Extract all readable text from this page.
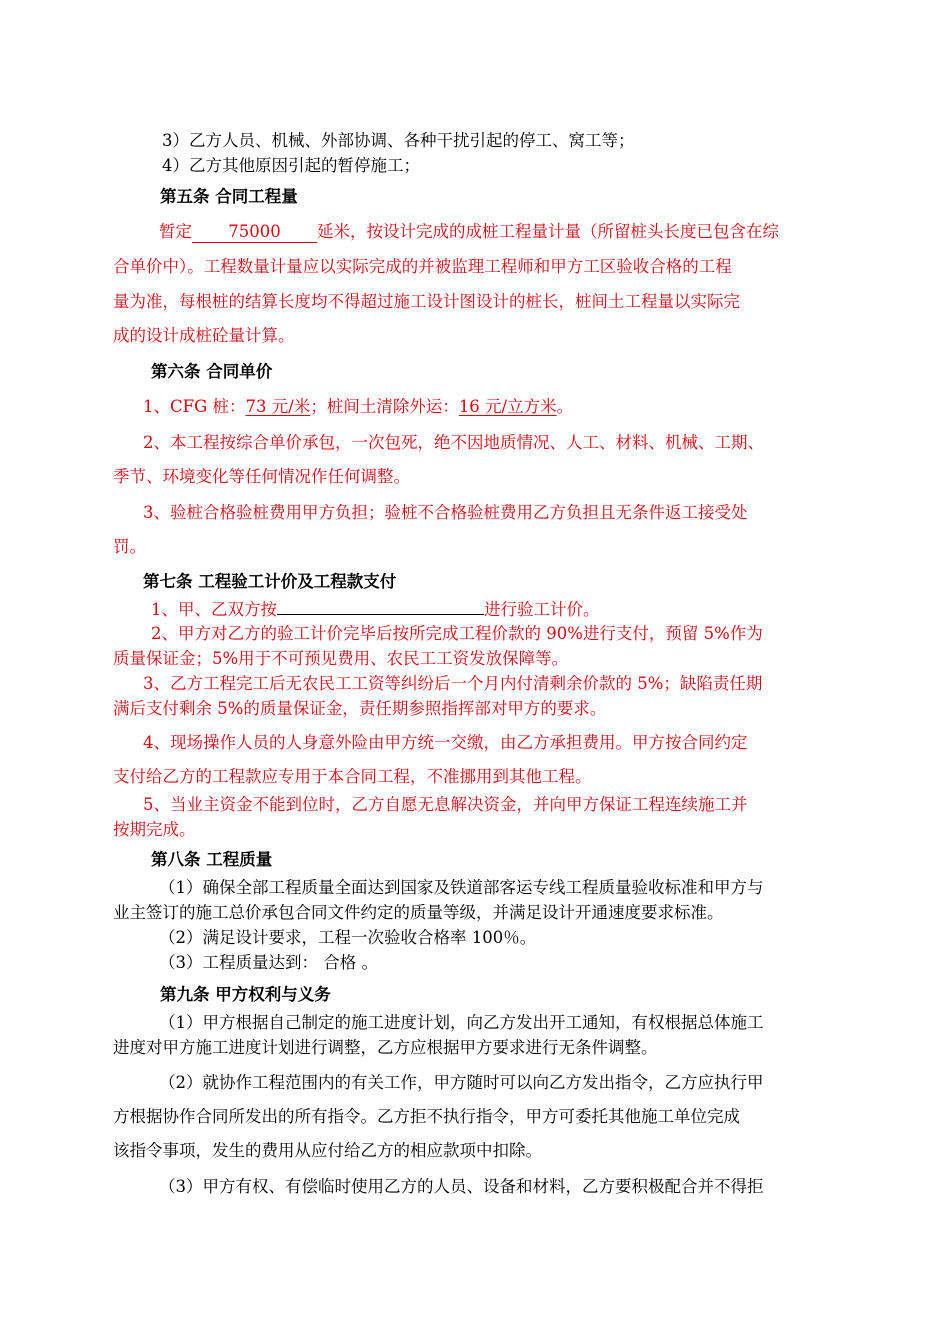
3）乙方人员、机械、外部协调、各种干扰引起的停工、窝工等；
4）乙方其他原因引起的暂停施工；
第五条 合同工程量
暂定 75000 延米，按设计完成的成桩工程量计量（所留桩头长度已包含在综
合单价中）。工程数量计量应以实际完成的并被监理工程师和甲方工区验收合格的工程
量为准，每根桩的结算长度均不得超过施工设计图设计的桩长，桩间土工程量以实际完
成的设计成桩砼量计算。
第六条 合同单价
1、CFG 桩：73 元/米；桩间土清除外运：16 元/立方米。
2、本工程按综合单价承包，一次包死，绝不因地质情况、人工、材料、机械、工期、
季节、环境变化等任何情况作任何调整。
3、验桩合格验桩费用甲方负担；验桩不合格验桩费用乙方负担且无条件返工接受处
罚。
第七条 工程验工计价及工程款支付
1、甲、乙双方按	进行验工计价。
2、甲方对乙方的验工计价完毕后按所完成工程价款的 90%进行支付，预留 5%作为
质量保证金；5%用于不可预见费用、农民工工资发放保障等。
3、乙方工程完工后无农民工工资等纠纷后一个月内付清剩余价款的 5%；缺陷责任期
满后支付剩余 5%的质量保证金，责任期参照指挥部对甲方的要求。
4、现场操作人员的人身意外险由甲方统一交缴，由乙方承担费用。甲方按合同约定
支付给乙方的工程款应专用于本合同工程，不准挪用到其他工程。
5、当业主资金不能到位时，乙方自愿无息解决资金，并向甲方保证工程连续施工并
按期完成。
第八条 工程质量
（1）确保全部工程质量全面达到国家及铁道部客运专线工程质量验收标准和甲方与
业主签订的施工总价承包合同文件约定的质量等级，并满足设计开通速度要求标准。
（2）满足设计要求，工程一次验收合格率 100％。
（3）工程质量达到： 合格 。
第九条 甲方权利与义务
（1）甲方根据自己制定的施工进度计划，向乙方发出开工通知，有权根据总体施工
进度对甲方施工进度计划进行调整，乙方应根据甲方要求进行无条件调整。
（2）就协作工程范围内的有关工作，甲方随时可以向乙方发出指令，乙方应执行甲
方根据协作合同所发出的所有指令。乙方拒不执行指令，甲方可委托其他施工单位完成
该指令事项，发生的费用从应付给乙方的相应款项中扣除。
（3）甲方有权、有偿临时使用乙方的人员、设备和材料，乙方要积极配合并不得拒
